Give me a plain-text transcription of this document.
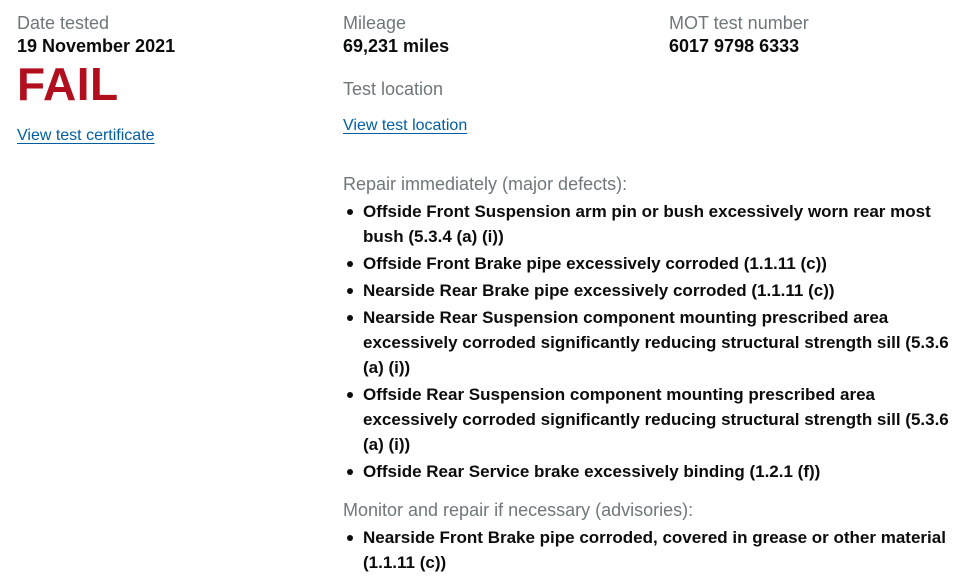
Date tested

19 November 2021

FAIL

View test certificate

Mileage

69,231 miles

Test location

View test location

Repair immediately (major defects):

Offside Front Suspension arm pin or bush excessively worn rear most bush (5.3.4 (a) (i))
Offside Front Brake pipe excessively corroded (1.1.11 (c))
Nearside Rear Brake pipe excessively corroded (1.1.11 (c))
Nearside Rear Suspension component mounting prescribed area excessively corroded significantly reducing structural strength sill (5.3.6 (a) (i))
Offside Rear Suspension component mounting prescribed area excessively corroded significantly reducing structural strength sill (5.3.6 (a) (i))
Offside Rear Service brake excessively binding (1.2.1 (f))

Monitor and repair if necessary (advisories):

Nearside Front Brake pipe corroded, covered in grease or other material (1.1.11 (c))

MOT test number

6017 9798 6333
